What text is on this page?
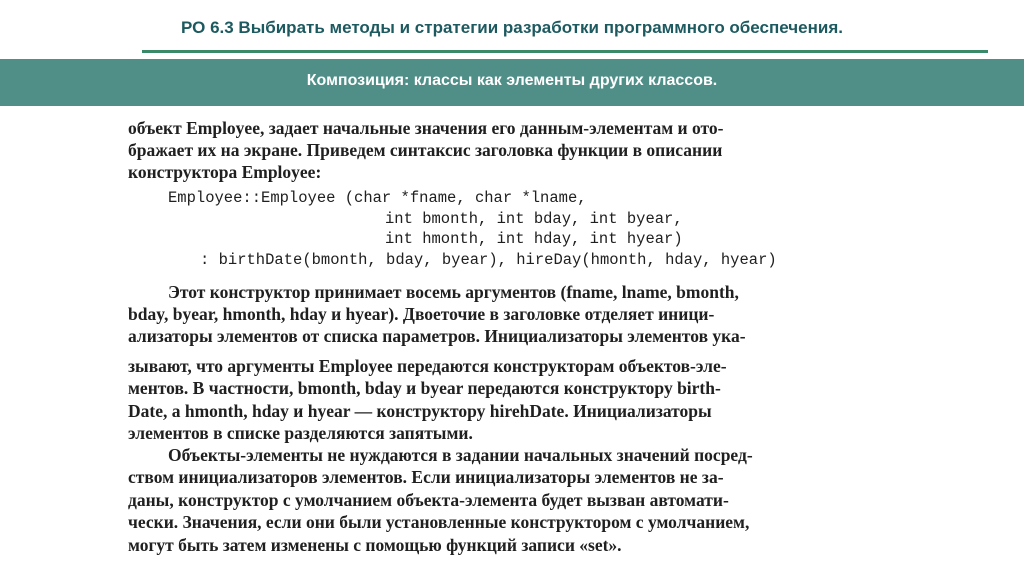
РО 6.3 Выбирать методы и стратегии разработки программного обеспечения.
Композиция: классы как элементы других классов.
объект Employee, задает начальные значения его данным-элементам и ото-
бражает их на экране. Приведем синтаксис заголовка функции в описании
конструктора Employee:
Employee::Employee (char *fname, char *lname,
int bmonth, int bday, int byear,
int hmonth, int hday, int hyear)
: birthDate(bmonth, bday, byear), hireDay(hmonth, hday, hyear)
Этот конструктор принимает восемь аргументов (fname, lname, bmonth,
bday, byear, hmonth, hday и hyear). Двоеточие в заголовке отделяет иници-
ализаторы элементов от списка параметров. Инициализаторы элементов ука-
зывают, что аргументы Employee передаются конструкторам объектов-эле-
ментов. В частности, bmonth, bday и byear передаются конструктору birth-
Date, а hmonth, hday и hyear — конструктору hirehDate. Инициализаторы
элементов в списке разделяются запятыми.
Объекты-элементы не нуждаются в задании начальных значений посред-
ством инициализаторов элементов. Если инициализаторы элементов не за-
даны, конструктор с умолчанием объекта-элемента будет вызван автомати-
чески. Значения, если они были установленные конструктором с умолчанием,
могут быть затем изменены с помощью функций записи «set».
